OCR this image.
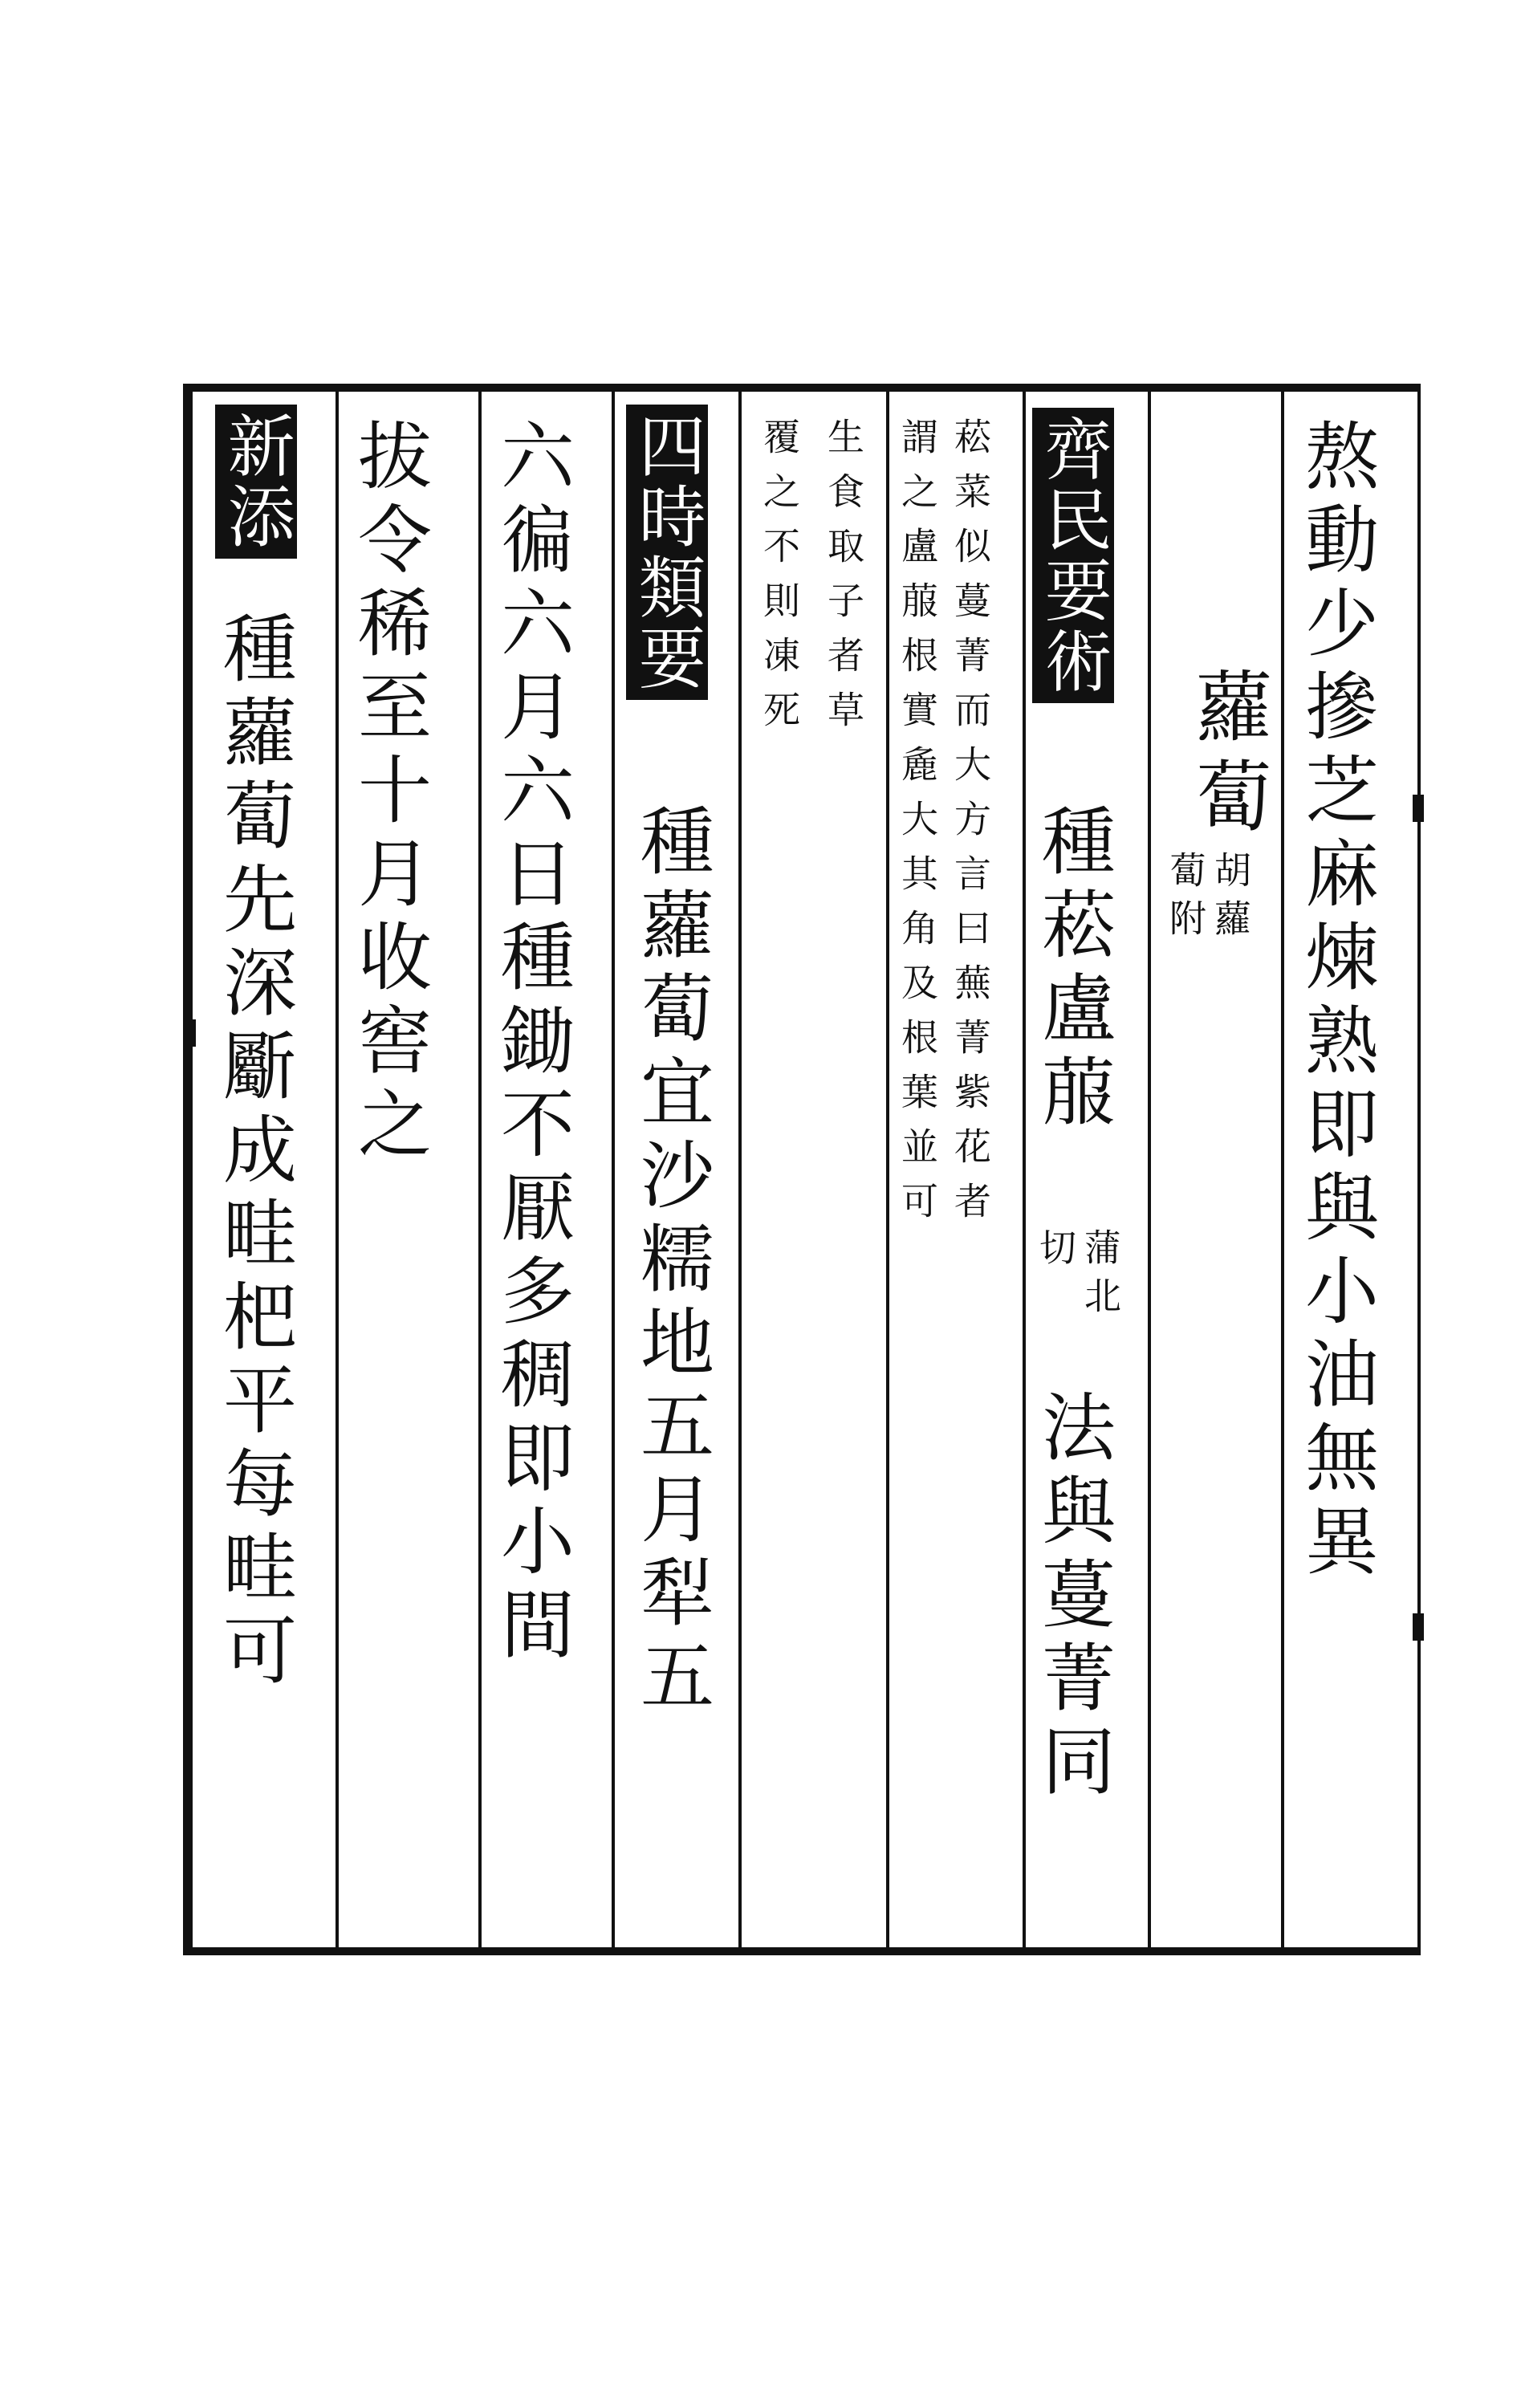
熬動少摻芝麻煉熟即與小油無異
蘿蔔
胡蘿
蔔附
齊民要術
種菘盧菔
蒲北
切
法與蔓菁同
菘菜似蔓菁而大方言曰蕪菁紫花者
謂之盧菔根實麁大其角及根葉並可
生食取子者草
覆之不則凍死
四時類要
種蘿蔔宜沙糯地五月犁五
六徧六月六日種鋤不厭多稠即小間
拔令稀至十月收窖之
新添
種蘿蔔先深斸成畦杷平每畦可
